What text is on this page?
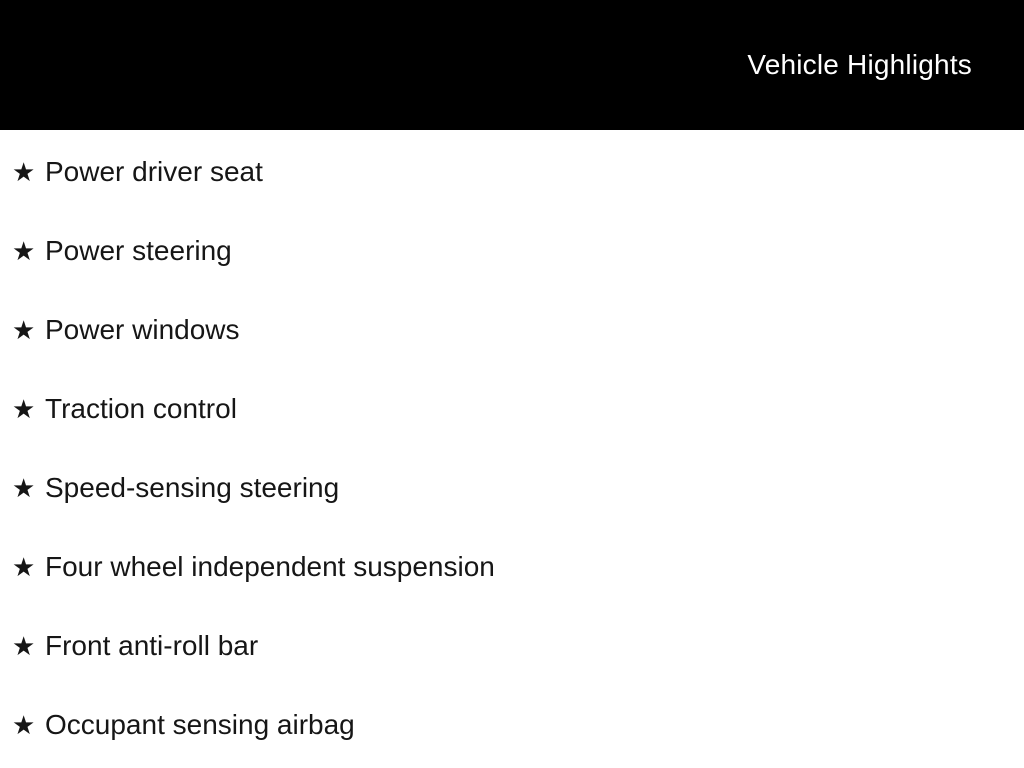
Vehicle Highlights
★ Power driver seat
★ Power steering
★ Power windows
★ Traction control
★ Speed-sensing steering
★ Four wheel independent suspension
★ Front anti-roll bar
★ Occupant sensing airbag
